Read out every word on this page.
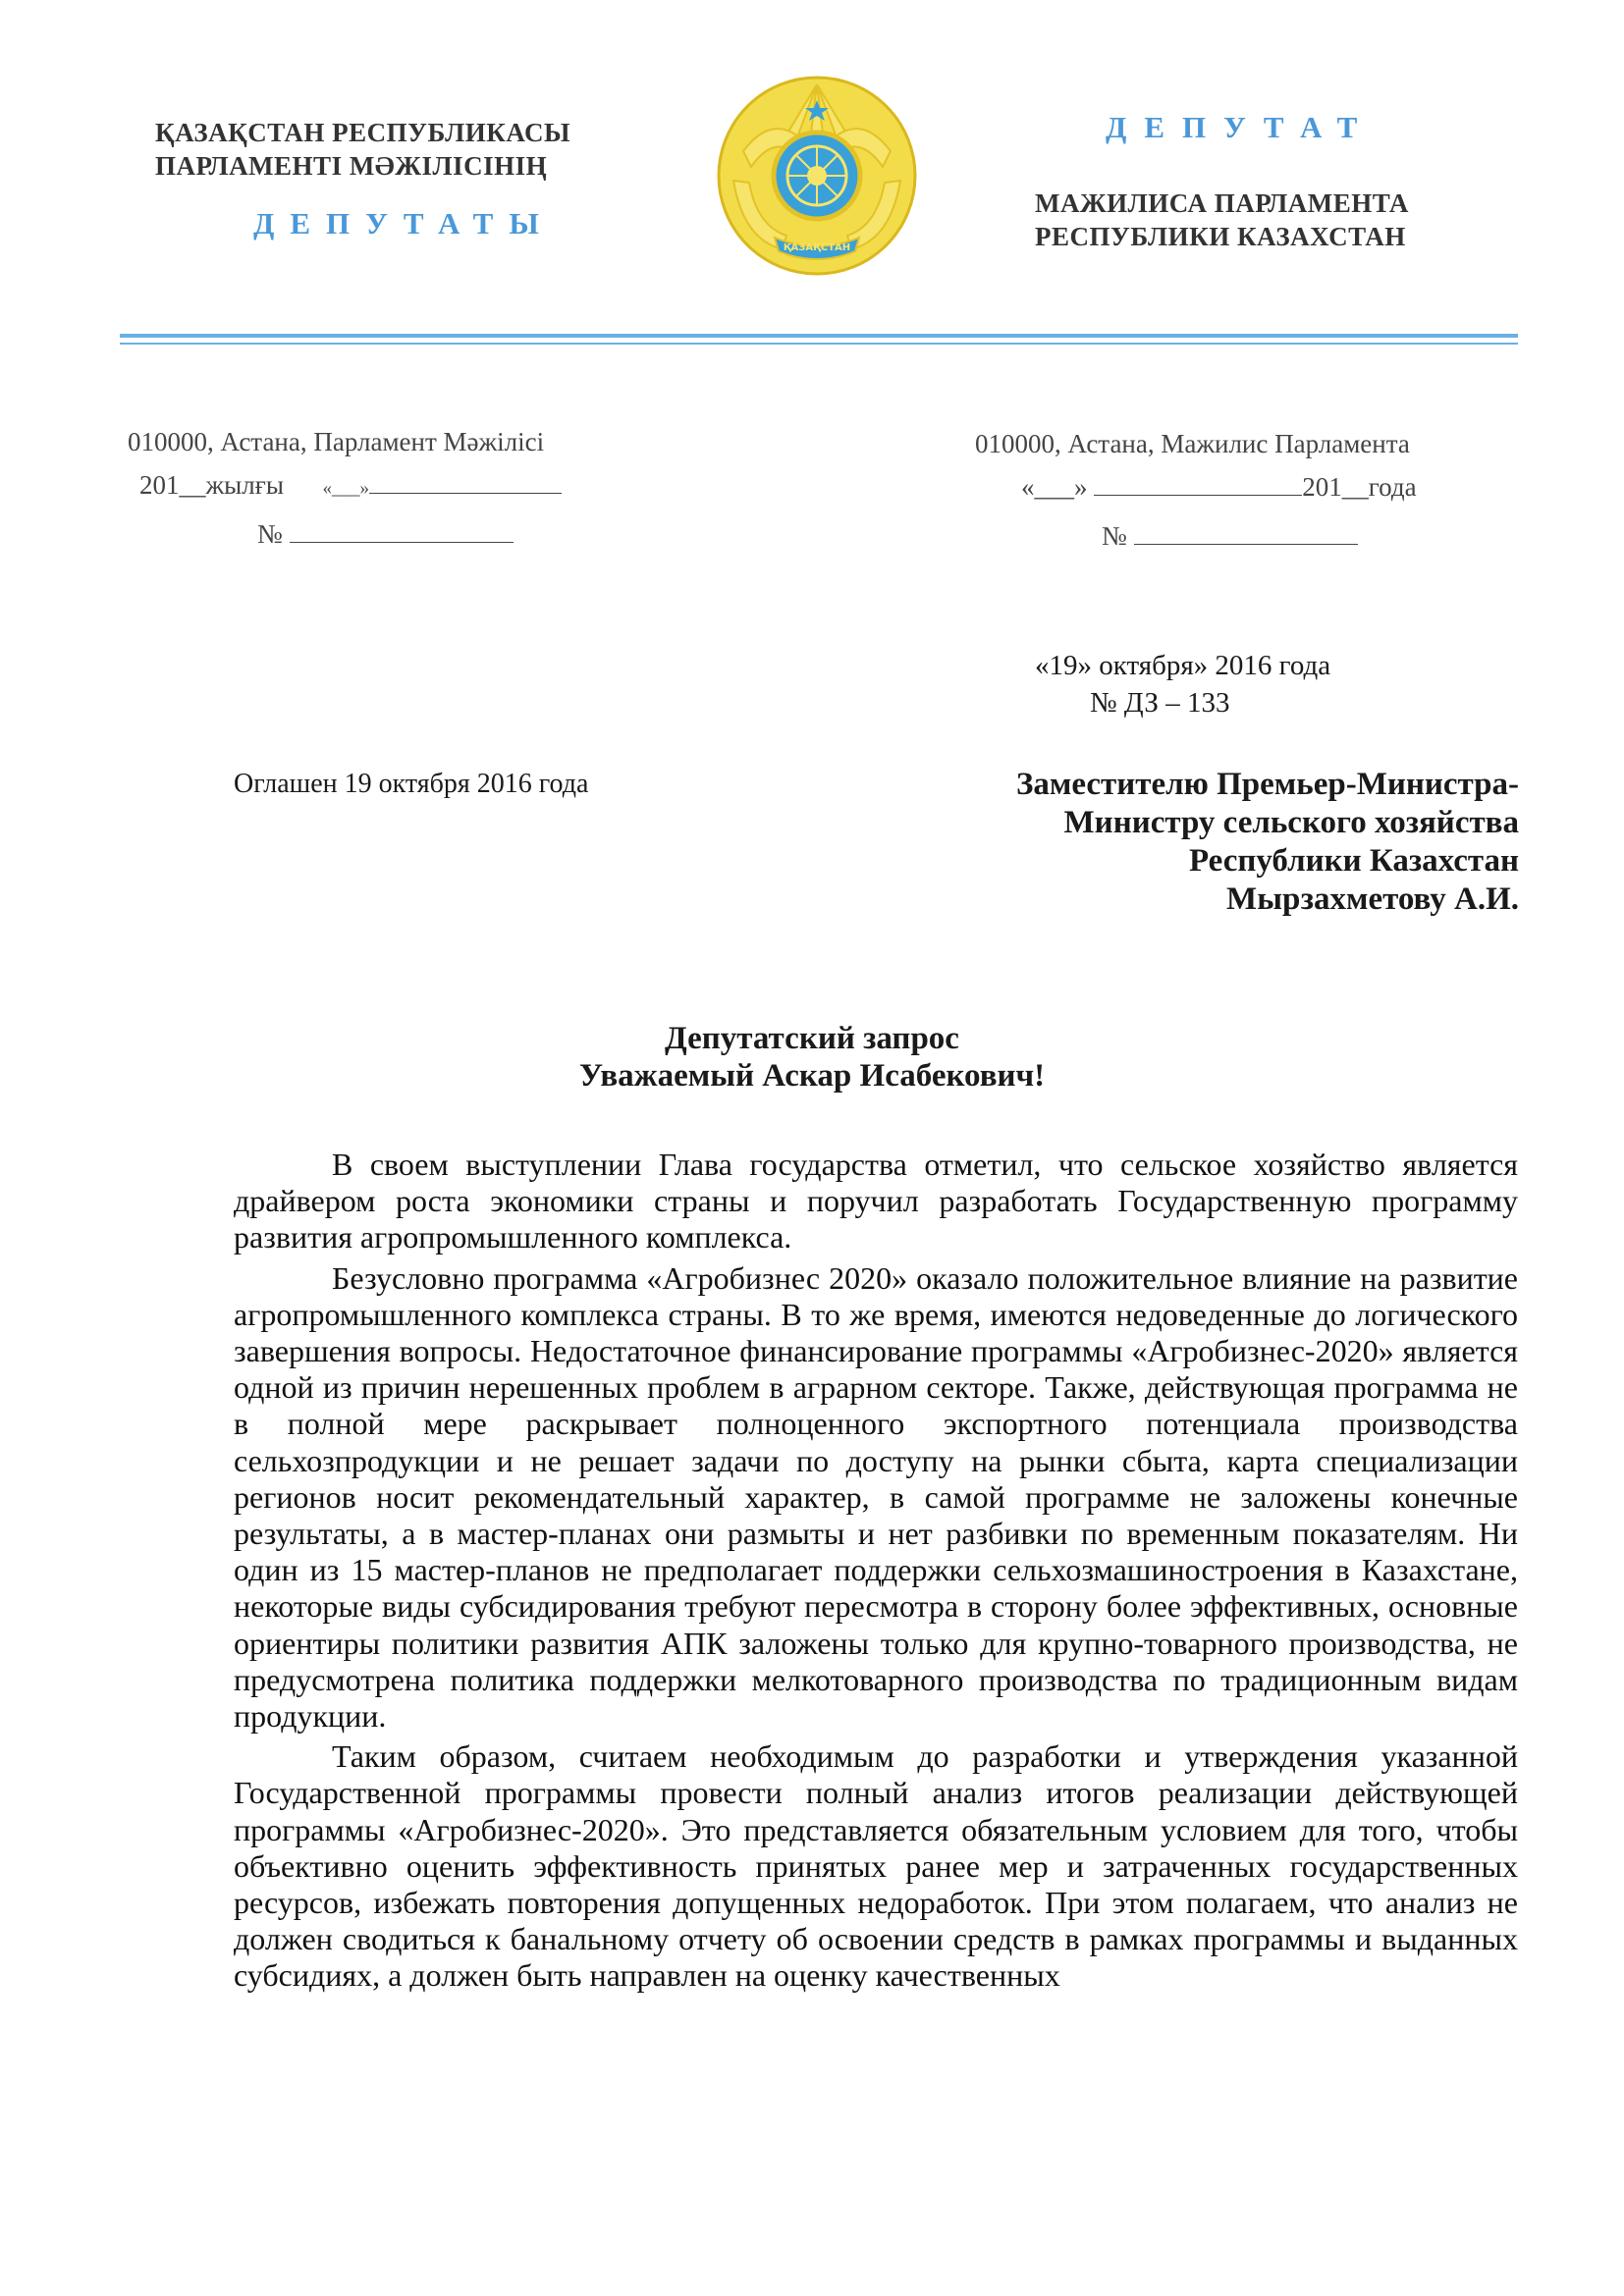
ҚАЗАҚСТАН РЕСПУБЛИКАСЫ
ПАРЛАМЕНТІ МӘЖІЛІСІНІҢ
ДЕПУТАТЫ
ҚАЗАҚСТАН
ДЕПУТАТ
МАЖИЛИСА ПАРЛАМЕНТА
РЕСПУБЛИКИ КАЗАХСТАН
010000, Астана, Парламент Мәжілісі
201__жылғы «___»
№
010000, Астана, Мажилис Парламента
«___»	201__года
№
«19» октября» 2016 года
№ ДЗ – 133
Оглашен 19 октября 2016 года	Заместителю Премьер-Министра-
Министру сельского хозяйства
Республики Казахстан
Мырзахметову А.И.
Депутатский запрос
Уважаемый Аскар Исабекович!

В своем выступлении Глава государства отметил, что сельское хозяйство является драйвером роста экономики страны и поручил разработать Государственную программу развития агропромышленного комплекса.

Безусловно программа «Агробизнес 2020» оказало положительное влияние на развитие агропромышленного комплекса страны. В то же время, имеются недоведенные до логического завершения вопросы. Недостаточное финансирование программы «Агробизнес-2020» является одной из причин нерешенных проблем в аграрном секторе. Также, действующая программа не в полной мере раскрывает полноценного экспортного потенциала производства сельхозпродукции и не решает задачи по доступу на рынки сбыта, карта специализации регионов носит рекомендательный характер, в самой программе не заложены конечные результаты, а в мастер-планах они размыты и нет разбивки по временным показателям. Ни один из 15 мастер-планов не предполагает поддержки сельхозмашиностроения в Казахстане, некоторые виды субсидирования требуют пересмотра в сторону более эффективных, основные ориентиры политики развития АПК заложены только для крупно-товарного производства, не предусмотрена политика поддержки мелкотоварного производства по традиционным видам продукции.

Таким образом, считаем необходимым до разработки и утверждения указанной Государственной программы провести полный анализ итогов реализации действующей программы «Агробизнес-2020». Это представляется обязательным условием для того, чтобы объективно оценить эффективность принятых ранее мер и затраченных государственных ресурсов, избежать повторения допущенных недоработок. При этом полагаем, что анализ не должен сводиться к банальному отчету об освоении средств в рамках программы и выданных субсидиях, а должен быть направлен на оценку качественных
